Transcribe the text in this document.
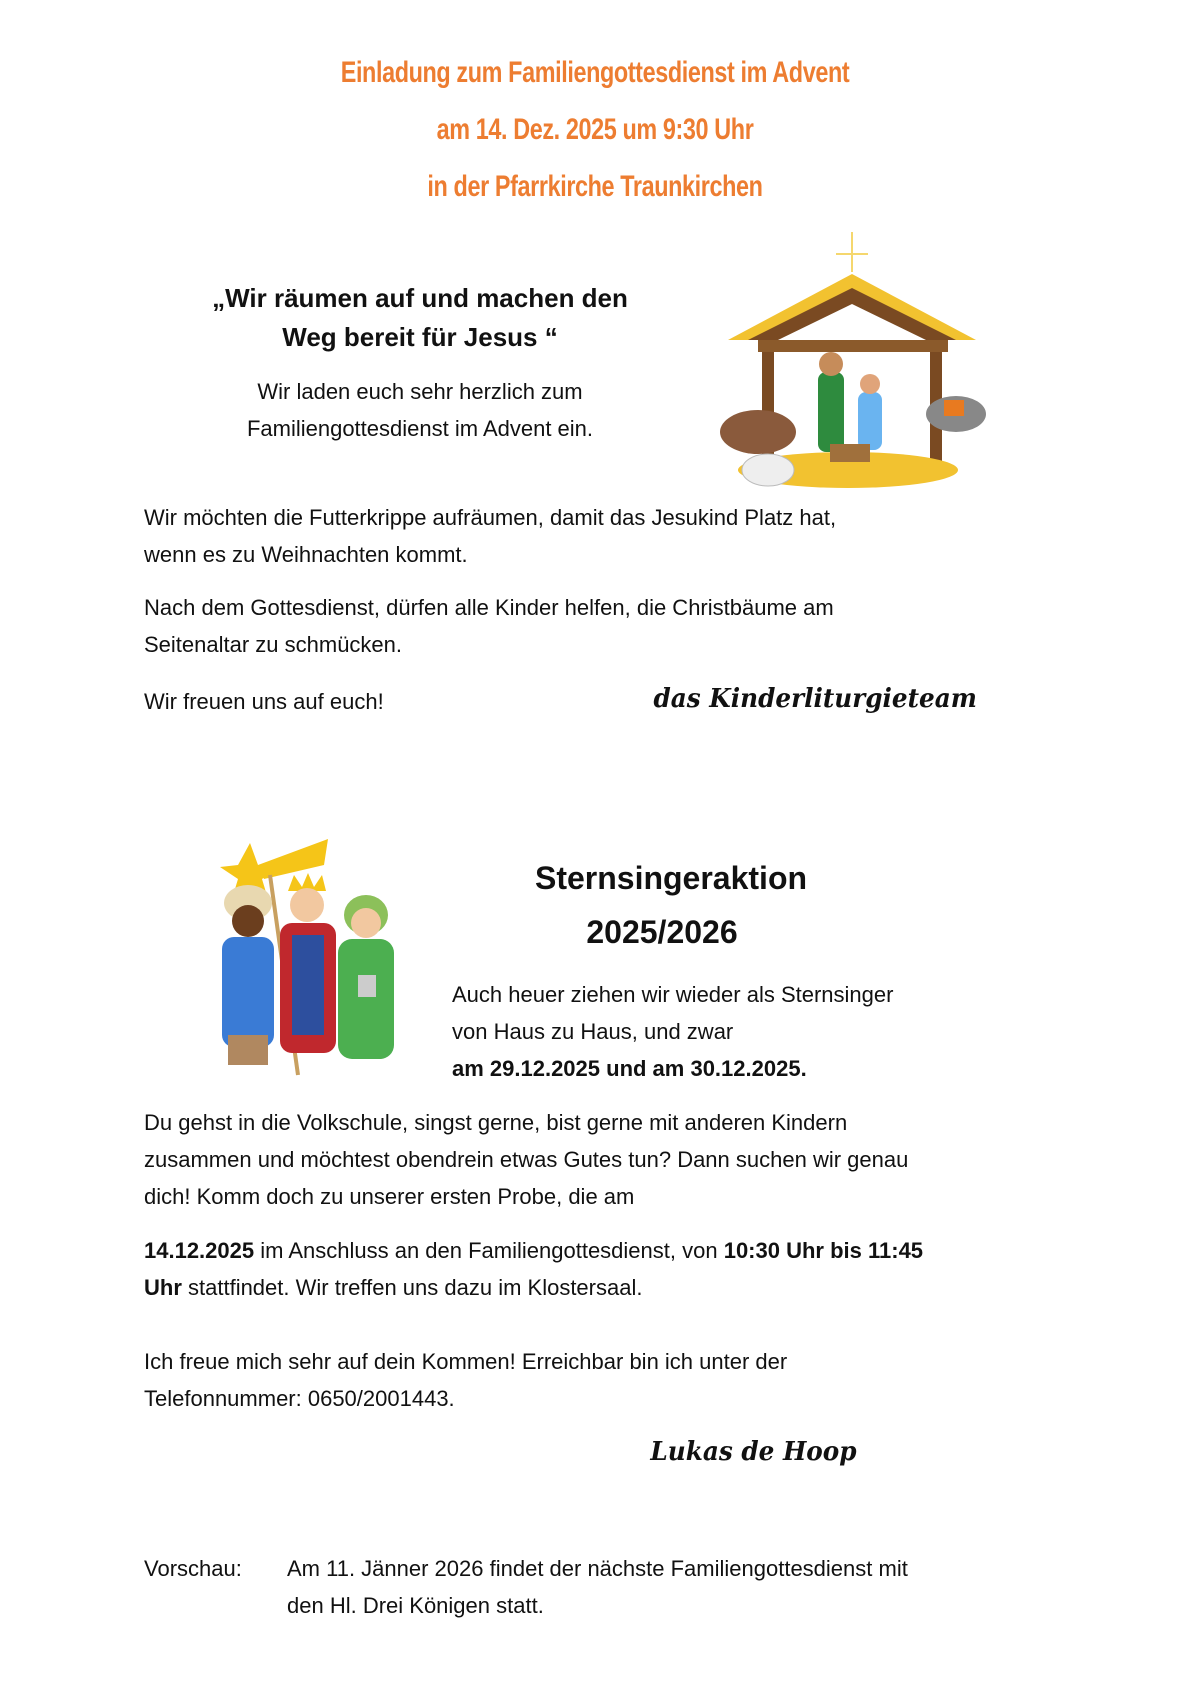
Einladung zum Familiengottesdienst im Advent
am 14. Dez. 2025 um 9:30 Uhr
in der Pfarrkirche Traunkirchen
„Wir räumen auf und machen den
Weg bereit für Jesus “
Wir laden euch sehr herzlich zum
Familiengottesdienst im Advent ein.
Wir möchten die Futterkrippe aufräumen, damit das Jesukind Platz hat,
wenn es zu Weihnachten kommt.
Nach dem Gottesdienst, dürfen alle Kinder helfen, die Christbäume am
Seitenaltar zu schmücken.
Wir freuen uns auf euch!	das Kinderliturgieteam
Sternsingeraktion
2025/2026
Auch heuer ziehen wir wieder als Sternsinger
von Haus zu Haus, und zwar
am 29.12.2025 und am 30.12.2025.
Du gehst in die Volkschule, singst gerne, bist gerne mit anderen Kindern
zusammen und möchtest obendrein etwas Gutes tun? Dann suchen wir genau
dich! Komm doch zu unserer ersten Probe, die am
14.12.2025 im Anschluss an den Familiengottesdienst, von 10:30 Uhr bis 11:45
Uhr stattfindet. Wir treffen uns dazu im Klostersaal.
Ich freue mich sehr auf dein Kommen! Erreichbar bin ich unter der
Telefonnummer: 0650/2001443.
Lukas de Hoop
Vorschau: Am 11. Jänner 2026 findet der nächste Familiengottesdienst mit
den Hl. Drei Königen statt.
